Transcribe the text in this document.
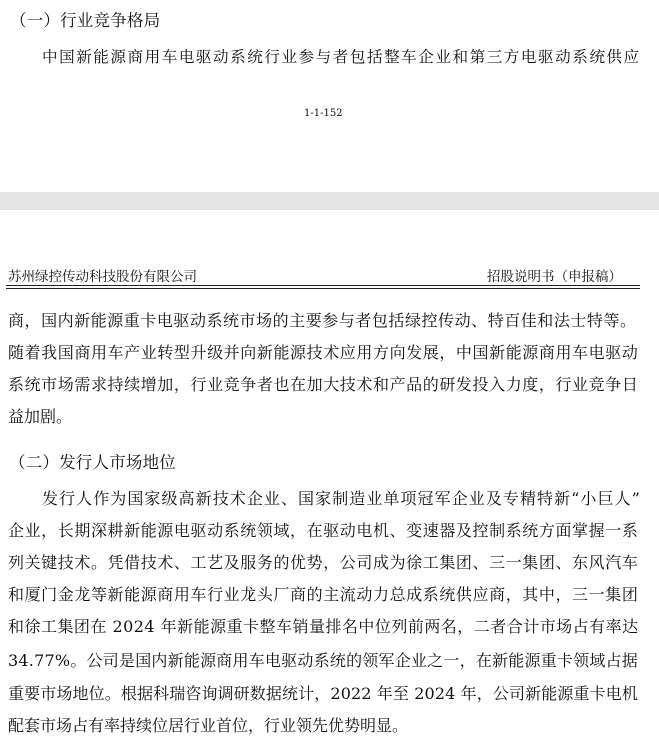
（一）行业竞争格局
中国新能源商用车电驱动系统行业参与者包括整车企业和第三方电驱动系统供应
1-1-152
苏州绿控传动科技股份有限公司	招股说明书（申报稿）
商，国内新能源重卡电驱动系统市场的主要参与者包括绿控传动、特百佳和法士特等。
随着我国商用车产业转型升级并向新能源技术应用方向发展，中国新能源商用车电驱动
系统市场需求持续增加，行业竞争者也在加大技术和产品的研发投入力度，行业竞争日
益加剧。
（二）发行人市场地位
发行人作为国家级高新技术企业、国家制造业单项冠军企业及专精特新“小巨人”
企业，长期深耕新能源电驱动系统领域，在驱动电机、变速器及控制系统方面掌握一系
列关键技术。凭借技术、工艺及服务的优势，公司成为徐工集团、三一集团、东风汽车
和厦门金龙等新能源商用车行业龙头厂商的主流动力总成系统供应商，其中，三一集团
和徐工集团在 2024 年新能源重卡整车销量排名中位列前两名，二者合计市场占有率达
34.77%。公司是国内新能源商用车电驱动系统的领军企业之一，在新能源重卡领域占据
重要市场地位。根据科瑞咨询调研数据统计，2022 年至 2024 年，公司新能源重卡电机
配套市场占有率持续位居行业首位，行业领先优势明显。
